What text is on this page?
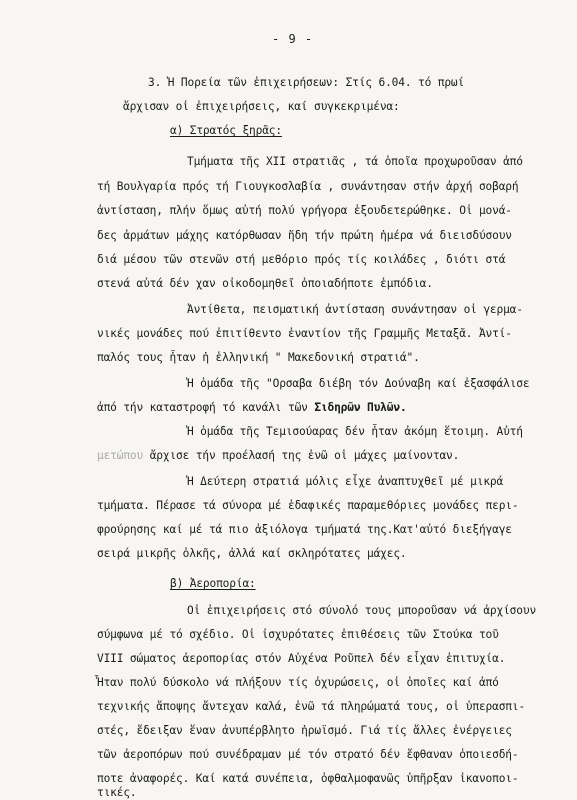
- 9 -
3. Ἡ Πορεία τῶν ἐπιχειρήσεων: Στίς 6.04. τό πρωί
ἄρχισαν οἱ ἐπιχειρήσεις, καί συγκεκριμένα:
α) Στρατός ξηρᾶς:
Τμήματα τῆς XII στρατιᾶς , τά ὁποῖα προχωροῦσαν ἀπό
τή Βουλγαρία πρός τή Γιουγκοσλαβία , συνάντησαν στήν ἀρχή σοβαρή
ἀντίσταση, πλήν ὅμως αὐτή πολύ γρήγορα ἐξουδετερώθηκε. Οἱ μονά-
δες ἁρμάτων μάχης κατόρθωσαν ἤδη τήν πρώτη ἡμέρα νά διεισδύσουν
διά μέσου τῶν στενῶν στή μεθόριο πρός τίς κοιλάδες , διότι στά
στενά αὐτά δέν χαν οἰκοδομηθεῖ ὁποιαδήποτε ἐμπόδια.
Ἀντίθετα, πεισματική ἀντίσταση συνάντησαν οἱ γερμα-
νικές μονάδες πού ἐπιτίθεντο ἐναντίον τῆς Γραμμῆς Μεταξᾶ. Ἀντί-
παλός τους ἦταν ἡ ἑλληνική " Μακεδονική στρατιά".
Ἡ ὁμάδα τῆς "Ορσαβα διέβη τόν Δούναβη καί ἐξασφάλισε
ἀπό τήν καταστροφή τό κανάλι τῶν Σιδηρῶν Πυλῶν.
Ἡ ὁμάδα τῆς Τεμισούαρας δέν ἦταν ἀκόμη ἕτοιμη. Αὐτή
μετώπου ἄρχισε τήν προέλασή της ἐνῶ οἱ μάχες μαίνονταν.
Ἡ Δεύτερη στρατιά μόλις εἶχε ἀναπτυχθεῖ μέ μικρά
τμήματα. Πέρασε τά σύνορα μέ ἐδαφικές παραμεθόριες μονάδες περι-
φρούρησης καί μέ τά πιο ἀξιόλογα τμήματά της.Κατ'αὐτό διεξήγαγε
σειρά μικρῆς ὀλκῆς, ἀλλά καί σκληρότατες μάχες.
β) Ἀεροπορία:
Οἱ ἐπιχειρήσεις στό σύνολό τους μποροῦσαν νά ἀρχίσουν
σύμφωνα μέ τό σχέδιο. Οἱ ἰσχυρότατες ἐπιθέσεις τῶν Στούκα τοῦ
VIII σώματος ἀεροπορίας στόν Αὐχένα Ροῦπελ δέν εἶχαν ἐπιτυχία.
Ἦταν πολύ δύσκολο νά πλήξουν τίς ὀχυρώσεις, οἱ ὁποῖες καί ἀπό
τεχνικής ἄποψης ἄντεχαν καλά, ἐνῶ τά πληρώματά τους, οἱ ὑπερασπι-
στές, ἔδειξαν ἕναν ἀνυπέρβλητο ἡρωϊσμό. Γιά τίς ἄλλες ἐνέργειες
τῶν ἀεροπόρων πού συνέδραμαν μέ τόν στρατό δέν ἔφθαναν ὁποιεσδή-
ποτε ἀναφορές. Καί κατά συνέπεια, ὀφθαλμοφανῶς ὑπῆρξαν ἱκανοποι-
τικές.
